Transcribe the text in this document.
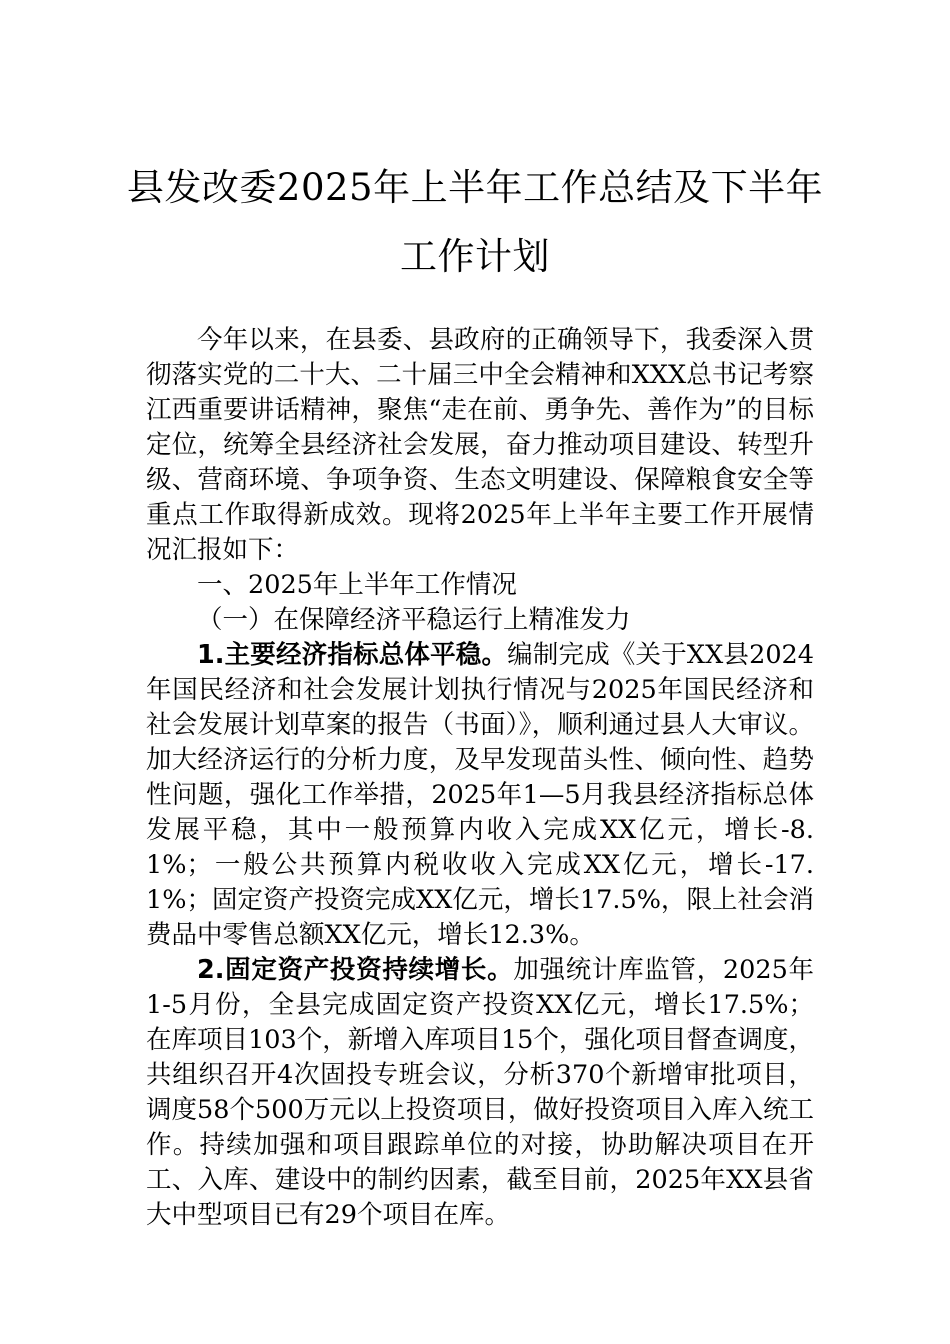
县发改委2025年上半年工作总结及下半年
工作计划

今年以来，在县委、县政府的正确领导下，我委深入贯彻落实党的二十大、二十届三中全会精神和XXX总书记考察江西重要讲话精神，聚焦“走在前、勇争先、善作为”的目标定位，统筹全县经济社会发展，奋力推动项目建设、转型升级、营商环境、争项争资、生态文明建设、保障粮食安全等重点工作取得新成效。现将2025年上半年主要工作开展情况汇报如下：

一、2025年上半年工作情况

（一）在保障经济平稳运行上精准发力

1.主要经济指标总体平稳。编制完成《关于XX县2024年国民经济和社会发展计划执行情况与2025年国民经济和社会发展计划草案的报告（书面）》，顺利通过县人大审议。加大经济运行的分析力度，及早发现苗头性、倾向性、趋势性问题，强化工作举措，2025年1—5月我县经济指标总体发展平稳，其中一般预算内收入完成XX亿元，增长-8.1%；一般公共预算内税收收入完成XX亿元，增长-17.1%；固定资产投资完成XX亿元，增长17.5%，限上社会消费品中零售总额XX亿元，增长12.3%。

2.固定资产投资持续增长。加强统计库监管，2025年1-5月份，全县完成固定资产投资XX亿元，增长17.5%；在库项目103个，新增入库项目15个，强化项目督查调度，共组织召开4次固投专班会议，分析370个新增审批项目，调度58个500万元以上投资项目，做好投资项目入库入统工作。持续加强和项目跟踪单位的对接，协助解决项目在开工、入库、建设中的制约因素，截至目前，2025年XX县省大中型项目已有29个项目在库。
